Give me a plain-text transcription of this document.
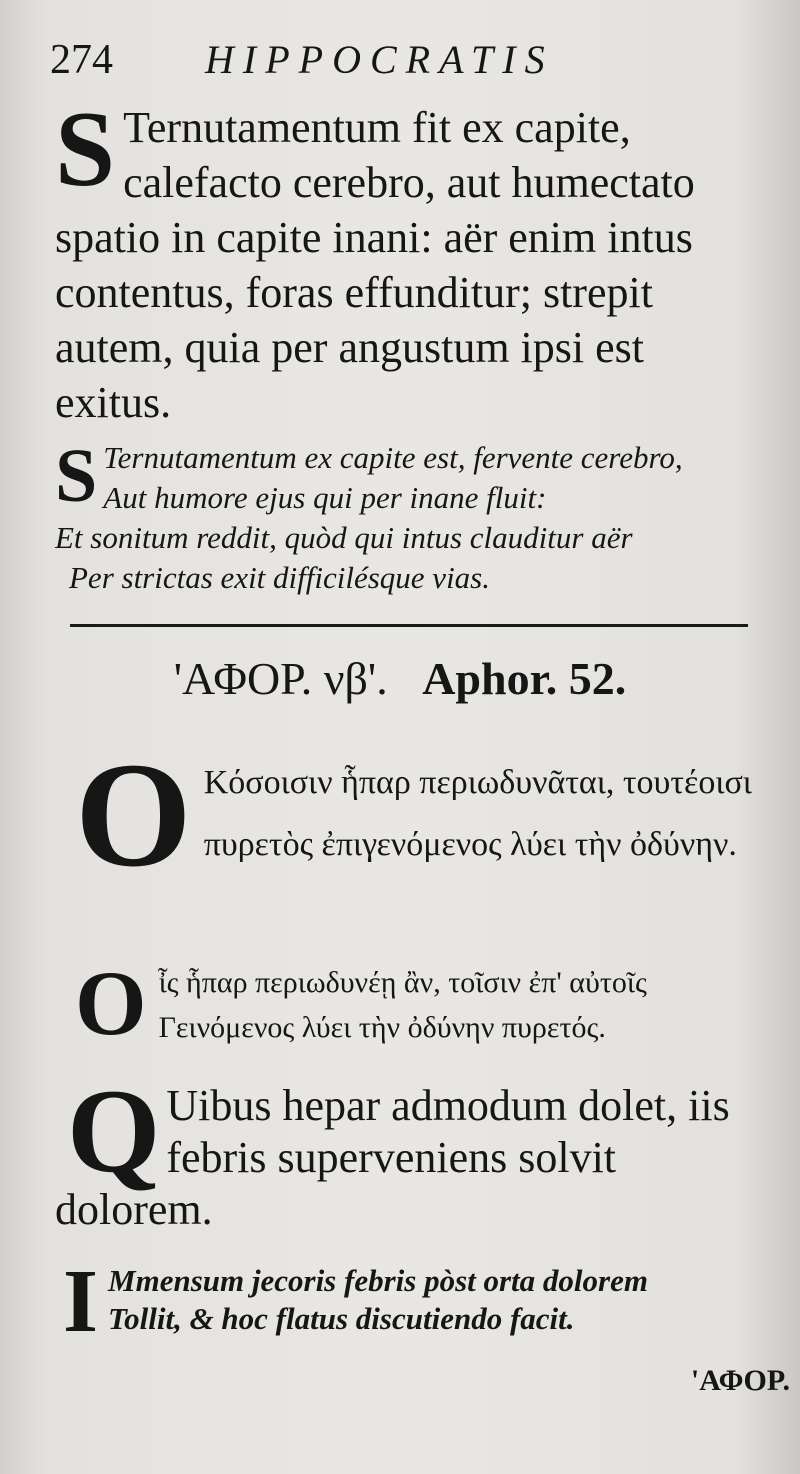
274 HIPPOCRATIS
S Ternutamentum fit ex capite, calefacto cerebro, aut humectato spatio in capite inani: aër enim intus contentus, foras effunditur; strepit autem, quia per angustum ipsi est exitus.
S Ternutamentum ex capite est, fervente cerebro,
Aut humore ejus qui per inane fluit:
Et sonitum reddit, quòd qui intus clauditur aër
Per strictas exit difficilésque vias.
'ΑΦΟΡ. νβ'. Aphor. 52.
O Κόσοισιν ἧπαρ περιωδυνᾶται, τουτέοισι πυρετὸς ἐπιγενόμενος λύει τὴν ὀδύνην.
O ἶς ἧπαρ περιωδυνέῃ ἂν, τοῖσιν ἐπ' αὐτοῖς Γεινόμενος λύει τὴν ὀδύνην πυρετός.
Q Uibus hepar admodum dolet, iis febris superveniens solvit dolorem.
I Mmensum jecoris febris pòst orta dolorem
Tollit, & hoc flatus discutiendo facit.
'ΑΦΟΡ.
